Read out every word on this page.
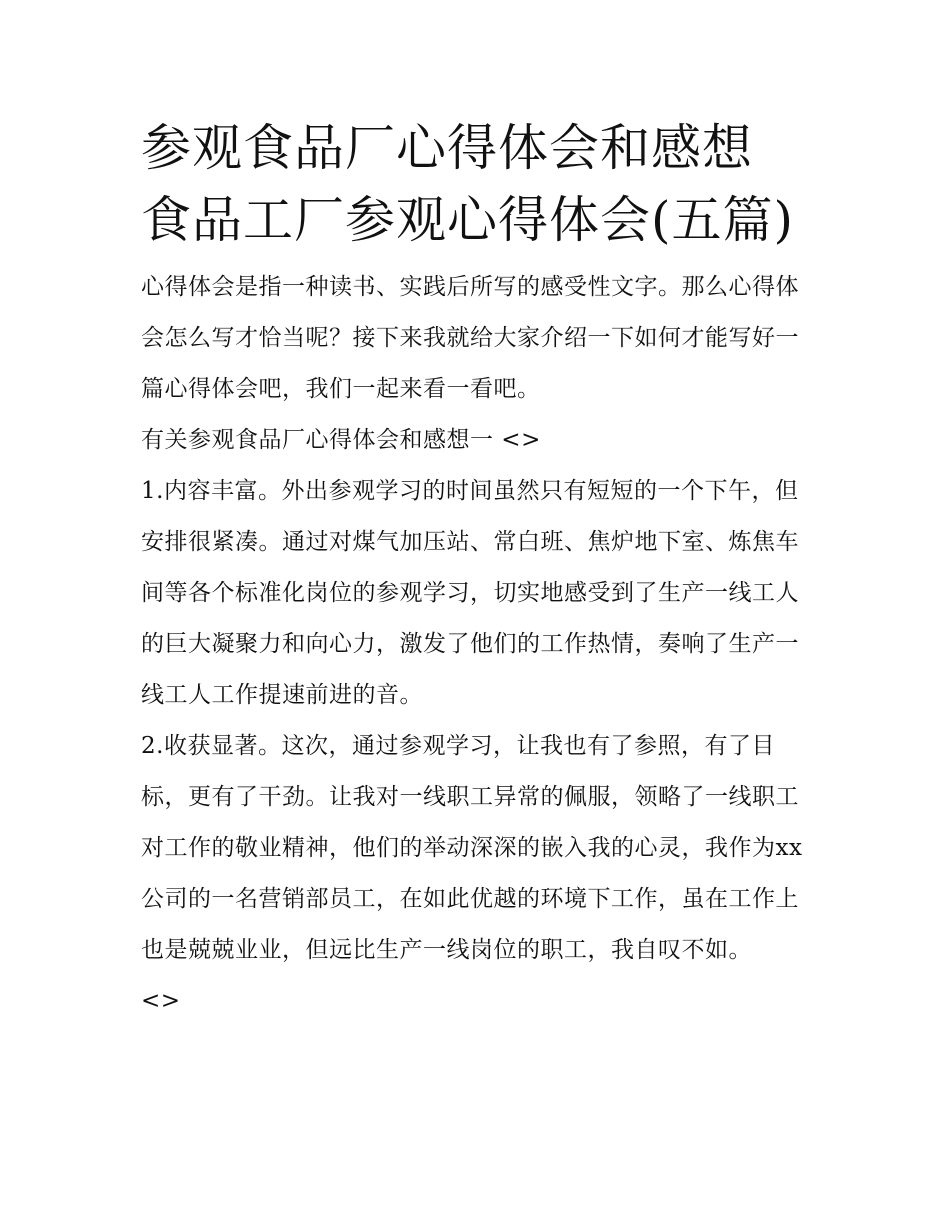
参观食品厂心得体会和感想 食品工厂参观心得体会(五篇)

心得体会是指一种读书、实践后所写的感受性文字。那么心得体会怎么写才恰当呢？接下来我就给大家介绍一下如何才能写好一篇心得体会吧，我们一起来看一看吧。

有关参观食品厂心得体会和感想一 <>

1.内容丰富。外出参观学习的时间虽然只有短短的一个下午，但安排很紧凑。通过对煤气加压站、常白班、焦炉地下室、炼焦车间等各个标准化岗位的参观学习，切实地感受到了生产一线工人的巨大凝聚力和向心力，激发了他们的工作热情，奏响了生产一线工人工作提速前进的音。

2.收获显著。这次，通过参观学习，让我也有了参照，有了目标，更有了干劲。让我对一线职工异常的佩服，领略了一线职工对工作的敬业精神，他们的举动深深的嵌入我的心灵，我作为xx公司的一名营销部员工，在如此优越的环境下工作，虽在工作上也是兢兢业业，但远比生产一线岗位的职工，我自叹不如。

<>
